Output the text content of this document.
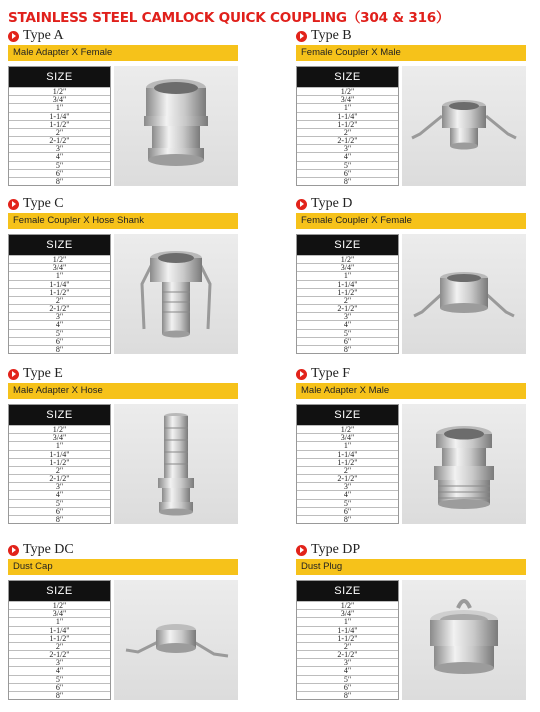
STAINLESS STEEL CAMLOCK QUICK COUPLING（304 & 316）
Type A
Male Adapter X Female
SIZE
1/2"
3/4"
1"
1-1/4"
1-1/2"
2"
2-1/2"
3"
4"
5"
6"
8"
Type B
Female Coupler X Male
SIZE
1/2"
3/4"
1"
1-1/4"
1-1/2"
2"
2-1/2"
3"
4"
5"
6"
8"
Type C
Female Coupler X Hose Shank
SIZE
1/2"
3/4"
1"
1-1/4"
1-1/2"
2"
2-1/2"
3"
4"
5"
6"
8"
Type D
Female Coupler X Female
SIZE
1/2"
3/4"
1"
1-1/4"
1-1/2"
2"
2-1/2"
3"
4"
5"
6"
8"
Type E
Male Adapter X Hose
SIZE
1/2"
3/4"
1"
1-1/4"
1-1/2"
2"
2-1/2"
3"
4"
5"
6"
8"
Type F
Male Adapter X Male
SIZE
1/2"
3/4"
1"
1-1/4"
1-1/2"
2"
2-1/2"
3"
4"
5"
6"
8"
Type DC
Dust Cap
SIZE
1/2"
3/4"
1"
1-1/4"
1-1/2"
2"
2-1/2"
3"
4"
5"
6"
8"
Type DP
Dust Plug
SIZE
1/2"
3/4"
1"
1-1/4"
1-1/2"
2"
2-1/2"
3"
4"
5"
6"
8"
